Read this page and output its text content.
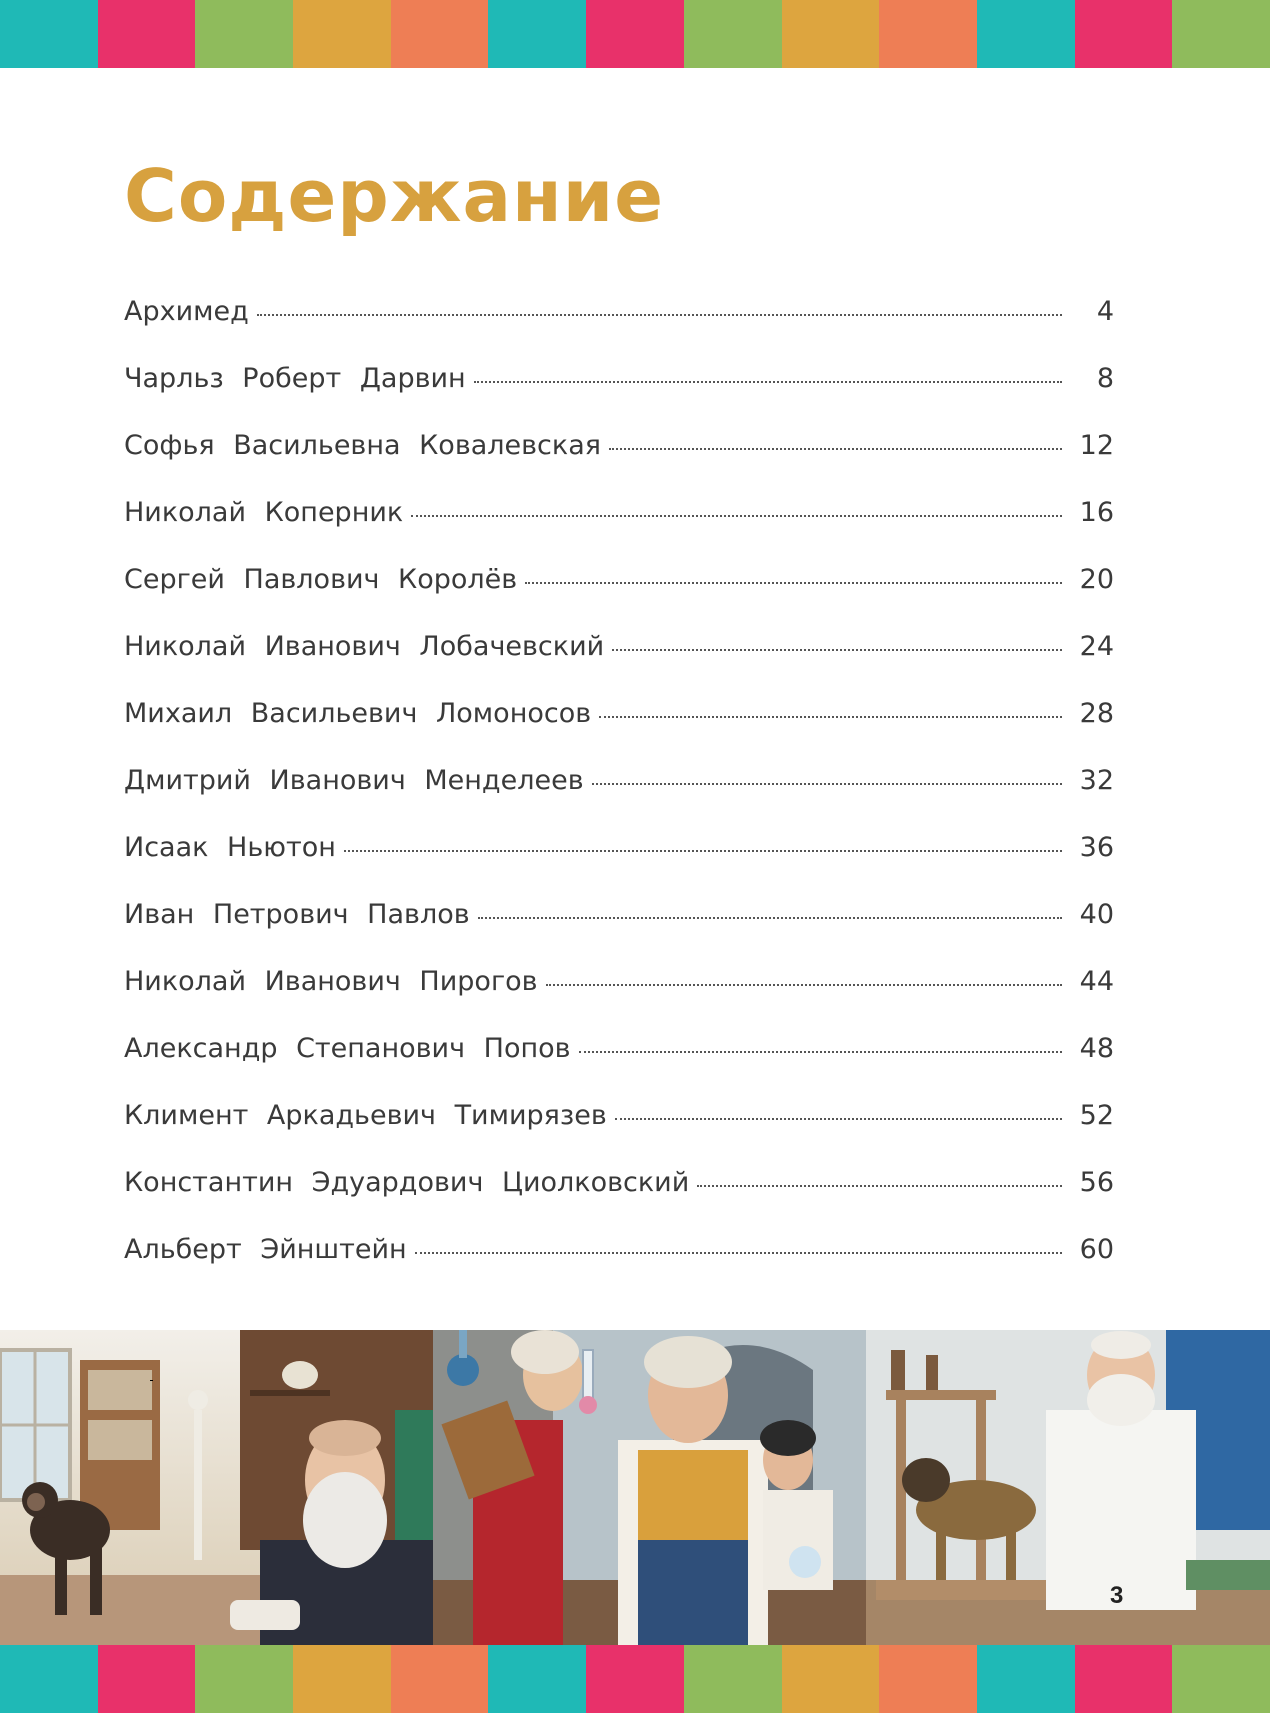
Содержание
Архимед	4
Чарльз Роберт Дарвин	8
Софья Васильевна Ковалевская	12
Николай Коперник	16
Сергей Павлович Королёв	20
Николай Иванович Лобачевский	24
Михаил Васильевич Ломоносов	28
Дмитрий Иванович Менделеев	32
Исаак Ньютон	36
Иван Петрович Павлов	40
Николай Иванович Пирогов	44
Александр Степанович Попов	48
Климент Аркадьевич Тимирязев	52
Константин Эдуардович Циолковский	56
Альберт Эйнштейн	60
3
